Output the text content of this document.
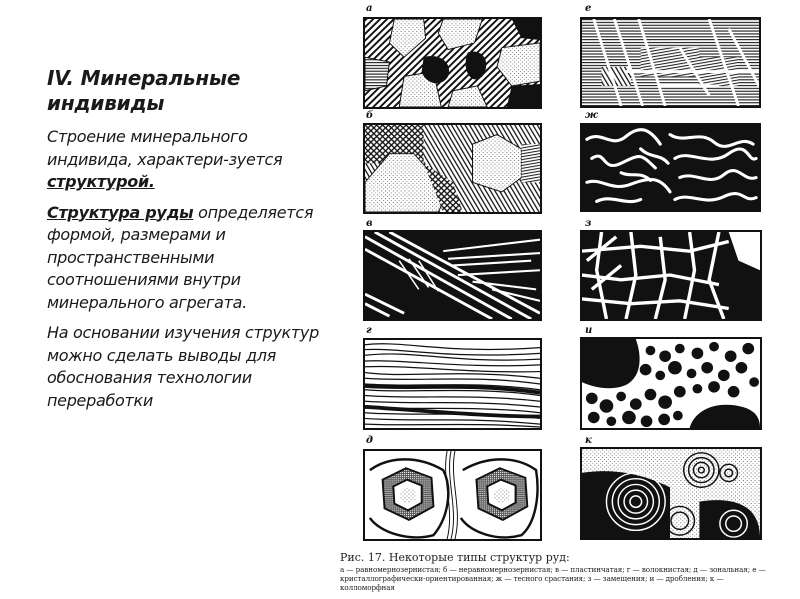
IV. Минеральные индивиды

Строение минерального индивида, характери-зуется структурой.

Структура руды определяется формой, размерами и пространственными соотношениями внутри минерального агрегата.

На основании изучения структур можно сделать выводы для обоснования технологии переработки

а	е
б	ж
в	з
г	и
д	к
Рис. 17. Некоторые типы структур руд:
а — равномернозернистая; б — неравномернозернистая; в — пластинчатая; г — волокнистая; д — зональная; е — кристаллографически-ориентированная; ж — тесного срастания; з — замещения; и — дробления; к — колломорфная
